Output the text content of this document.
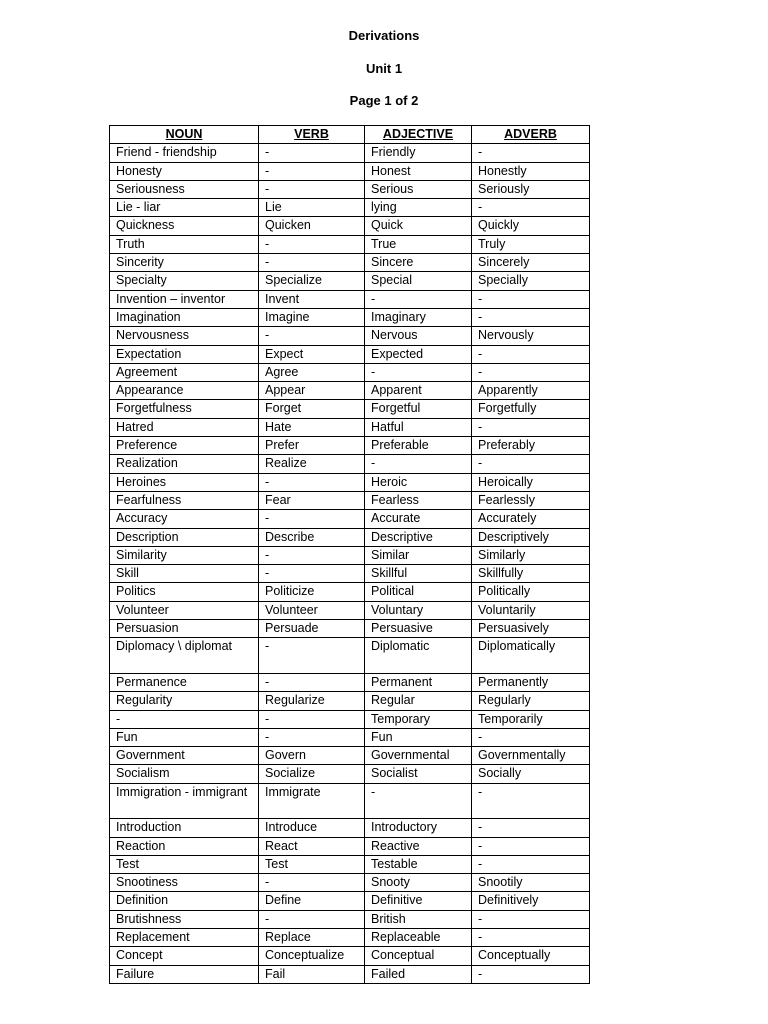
Derivations
Unit 1
Page 1 of 2
NOUN	VERB	ADJECTIVE	ADVERB
Friend - friendship	-	Friendly	-
Honesty	-	Honest	Honestly
Seriousness	-	Serious	Seriously
Lie - liar	Lie	lying	-
Quickness	Quicken	Quick	Quickly
Truth	-	True	Truly
Sincerity	-	Sincere	Sincerely
Specialty	Specialize	Special	Specially
Invention – inventor	Invent	-	-
Imagination	Imagine	Imaginary	-
Nervousness	-	Nervous	Nervously
Expectation	Expect	Expected	-
Agreement	Agree	-	-
Appearance	Appear	Apparent	Apparently
Forgetfulness	Forget	Forgetful	Forgetfully
Hatred	Hate	Hatful	-
Preference	Prefer	Preferable	Preferably
Realization	Realize	-	-
Heroines	-	Heroic	Heroically
Fearfulness	Fear	Fearless	Fearlessly
Accuracy	-	Accurate	Accurately
Description	Describe	Descriptive	Descriptively
Similarity	-	Similar	Similarly
Skill	-	Skillful	Skillfully
Politics	Politicize	Political	Politically
Volunteer	Volunteer	Voluntary	Voluntarily
Persuasion	Persuade	Persuasive	Persuasively
Diplomacy \ diplomat	-	Diplomatic	Diplomatically
Permanence	-	Permanent	Permanently
Regularity	Regularize	Regular	Regularly
-	-	Temporary	Temporarily
Fun	-	Fun	-
Government	Govern	Governmental	Governmentally
Socialism	Socialize	Socialist	Socially
Immigration - immigrant	Immigrate	-	-
Introduction	Introduce	Introductory	-
Reaction	React	Reactive	-
Test	Test	Testable	-
Snootiness	-	Snooty	Snootily
Definition	Define	Definitive	Definitively
Brutishness	-	British	-
Replacement	Replace	Replaceable	-
Concept	Conceptualize	Conceptual	Conceptually
Failure	Fail	Failed	-
